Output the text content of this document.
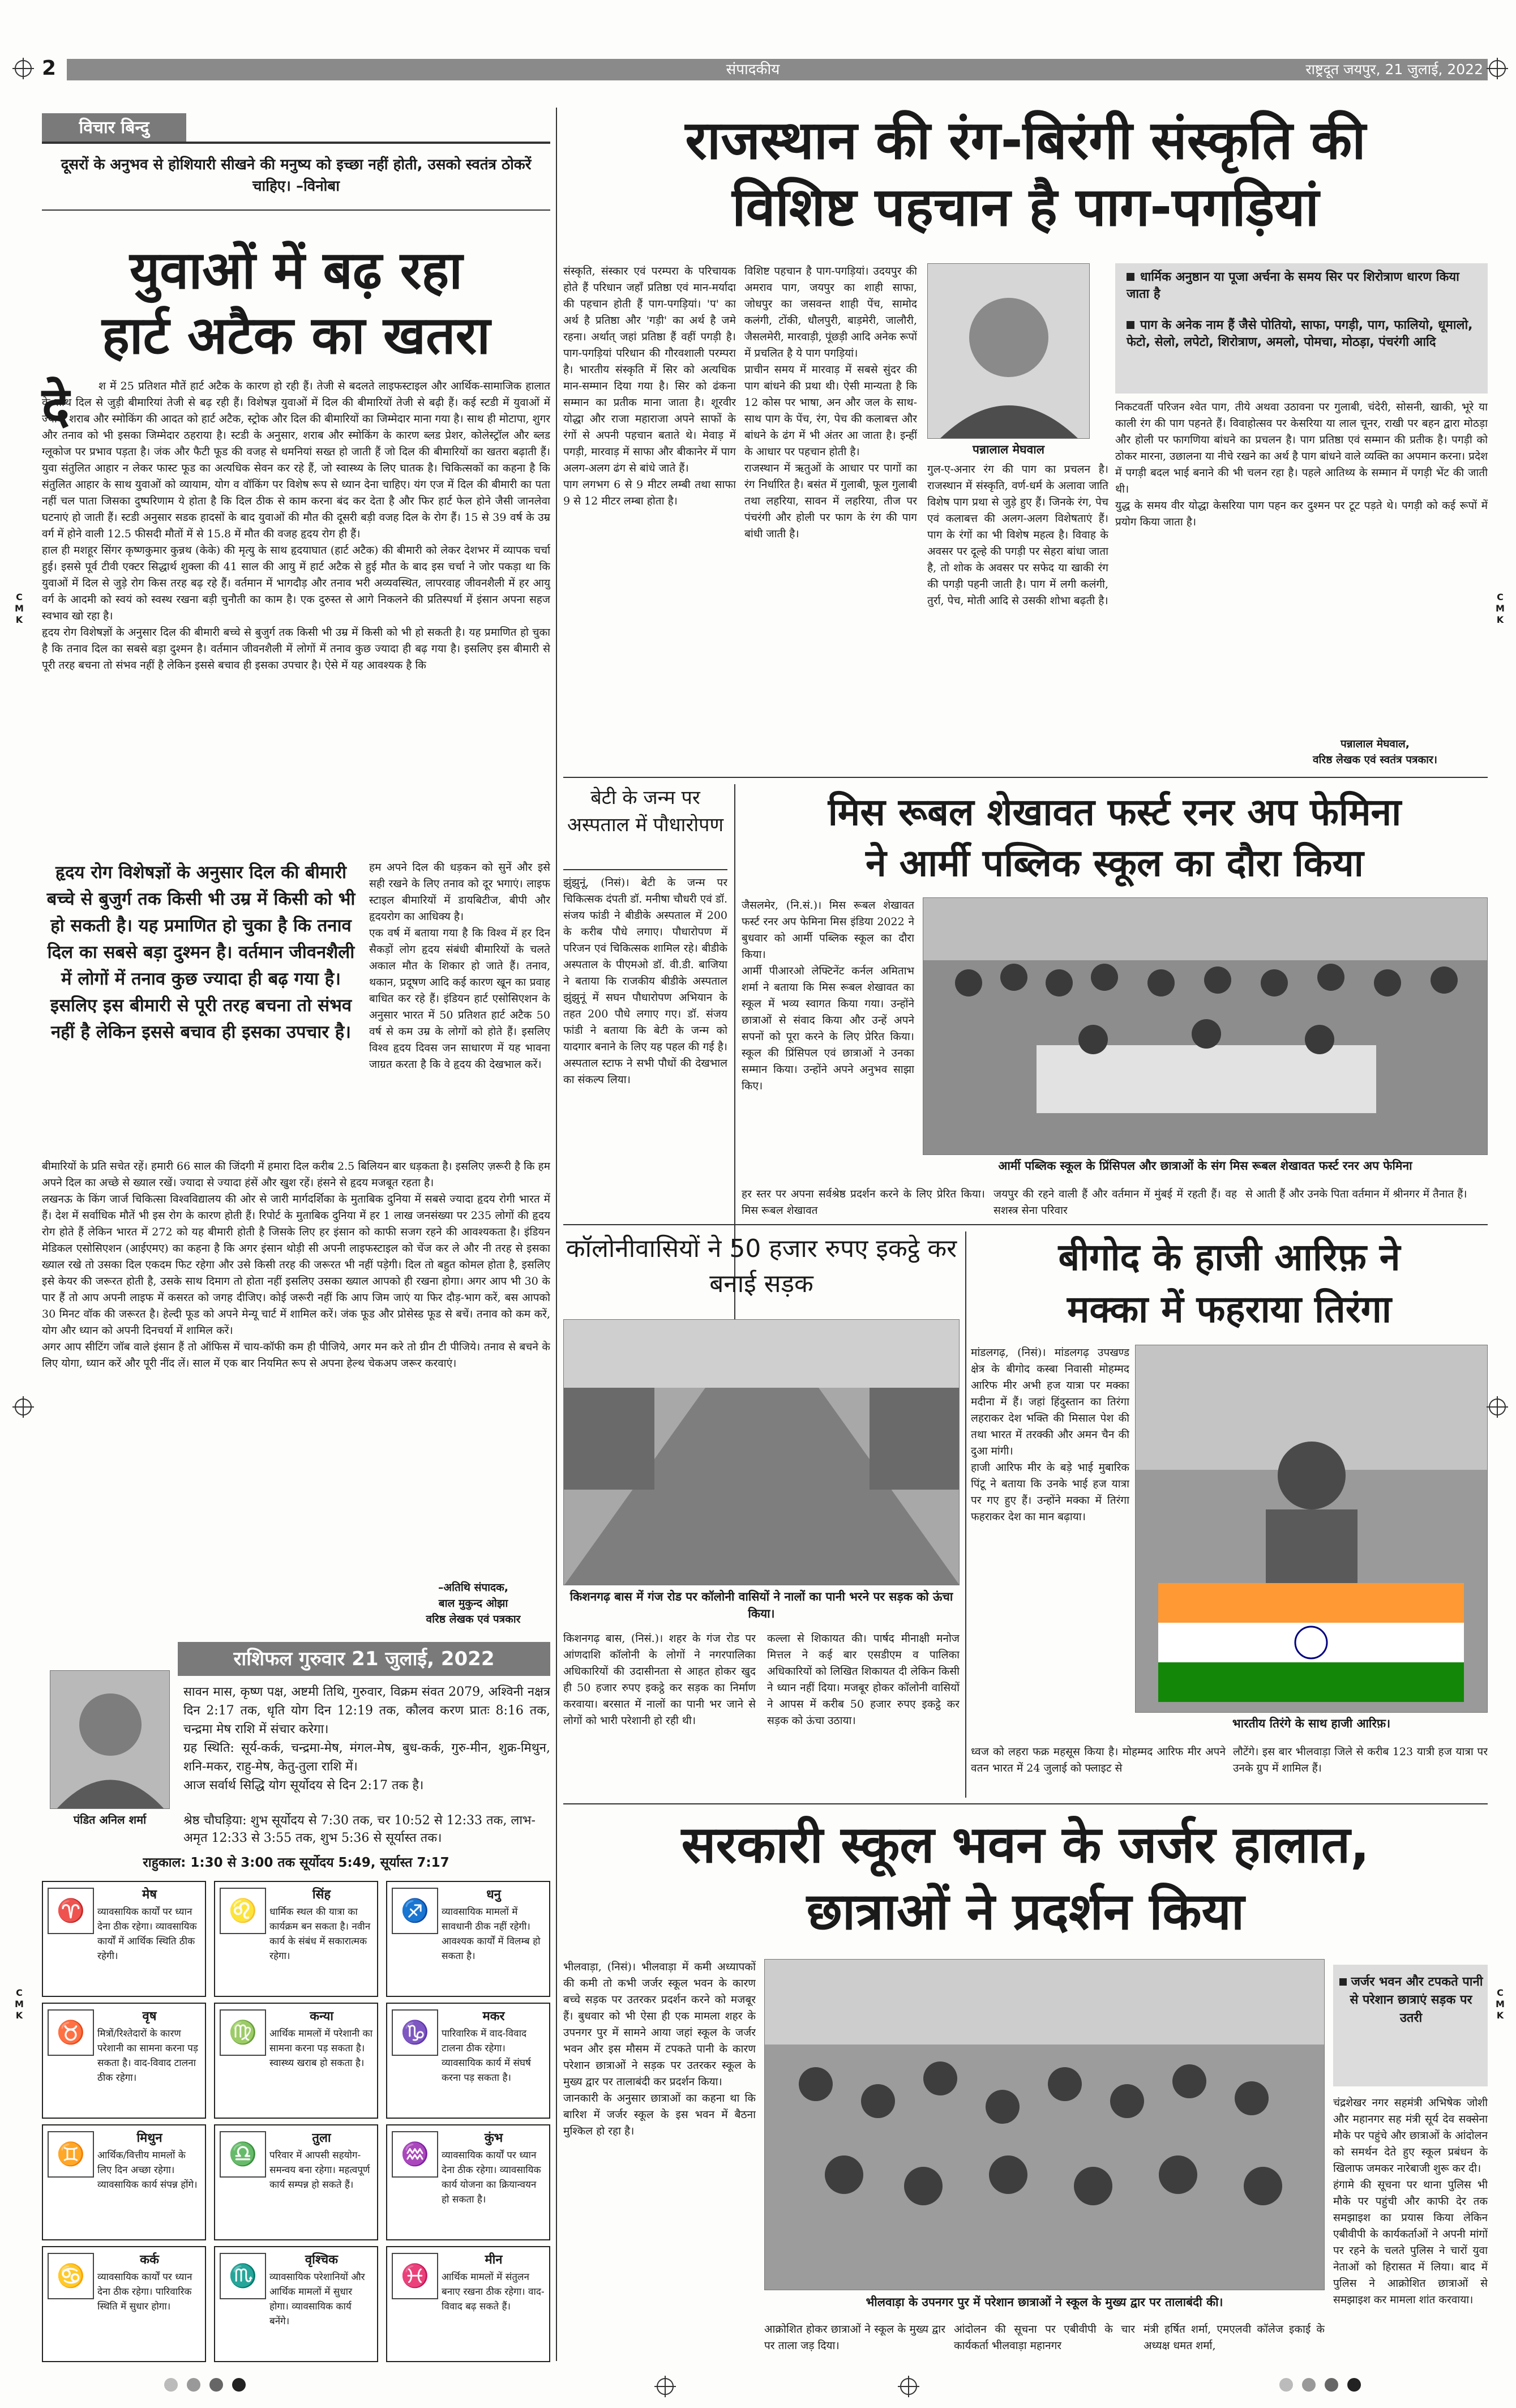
2	संपादकीय	राष्ट्रदूत जयपुर, 21 जुलाई, 2022
विचार बिन्दु
दूसरों के अनुभव से होशियारी सीखने की मनुष्य को इच्छा नहीं होती, उसको स्वतंत्र ठोकरें चाहिए। –विनोबा
युवाओं में बढ़ रहा
हार्ट अटैक का खतरा
दे	श में 25 प्रतिशत मौतें हार्ट अटैक के कारण हो रही हैं। तेजी से बदलते लाइफस्टाइल और आर्थिक-सामाजिक हालात के साथ दिल से जुड़ी बीमारियां तेजी से बढ़ रही हैं। विशेषज्ञ युवाओं में दिल की बीमारियों तेजी से बढ़ी हैं। कई स्टडी में युवाओं में ज्यादा शराब और स्मोकिंग की आदत को हार्ट अटैक, स्ट्रोक और दिल की बीमारियों का जिम्मेदार माना गया है। साथ ही मोटापा, शुगर और तनाव को भी इसका जिम्मेदार ठहराया है। स्टडी के अनुसार, शराब और स्मोकिंग के कारण ब्लड प्रेशर, कोलेस्ट्रॉल और ब्लड ग्लूकोज पर प्रभाव पड़ता है। जंक और फैटी फूड की वजह से धमनियां सख्त हो जाती हैं जो दिल की बीमारियों का खतरा बढ़ाती हैं। युवा संतुलित आहार न लेकर फास्ट फूड का अत्यधिक सेवन कर रहे हैं, जो स्वास्थ्य के लिए घातक है। चिकित्सकों का कहना है कि संतुलित आहार के साथ युवाओं को व्यायाम, योग व वॉकिंग पर विशेष रूप से ध्यान देना चाहिए। यंग एज में दिल की बीमारी का पता नहीं चल पाता जिसका दुष्परिणाम ये होता है कि दिल ठीक से काम करना बंद कर देता है और फिर हार्ट फेल होने जैसी जानलेवा घटनाएं हो जाती हैं। स्टडी अनुसार सडक हादसों के बाद युवाओं की मौत की दूसरी बड़ी वजह दिल के रोग हैं। 15 से 39 वर्ष के उम्र वर्ग में होने वाली 12.5 फीसदी मौतों में से 15.8 में मौत की वजह हृदय रोग ही हैं।
हाल ही मशहूर सिंगर कृष्णकुमार कुन्नथ (केके) की मृत्यु के साथ हृदयाघात (हार्ट अटैक) की बीमारी को लेकर देशभर में व्यापक चर्चा हुई। इससे पूर्व टीवी एक्टर सिद्धार्थ शुक्ला की 41 साल की आयु में हार्ट अटैक से हुई मौत के बाद इस चर्चा ने जोर पकड़ा था कि युवाओं में दिल से जुड़े रोग किस तरह बढ़ रहे हैं। वर्तमान में भागदौड़ और तनाव भरी अव्यवस्थित, लापरवाह जीवनशैली में हर आयु वर्ग के आदमी को स्वयं को स्वस्थ रखना बड़ी चुनौती का काम है। एक दुरुस्त से आगे निकलने की प्रतिस्पर्धा में इंसान अपना सहज स्वभाव खो रहा है।
हृदय रोग विशेषज्ञों के अनुसार दिल की बीमारी बच्चे से बुजुर्ग तक किसी भी उम्र में किसी को भी हो सकती है। यह प्रमाणित हो चुका है कि तनाव दिल का सबसे बड़ा दुश्मन है। वर्तमान जीवनशैली में लोगों में तनाव कुछ ज्यादा ही बढ़ गया है। इसलिए इस बीमारी से पूरी तरह बचना तो संभव नहीं है लेकिन इससे बचाव ही इसका उपचार है। ऐसे में यह आवश्यक है कि
हृदय रोग विशेषज्ञों के अनुसार दिल की बीमारी बच्चे से बुजुर्ग तक किसी भी उम्र में किसी को भी हो सकती है। यह प्रमाणित हो चुका है कि तनाव दिल का सबसे बड़ा दुश्मन है। वर्तमान जीवनशैली में लोगों में तनाव कुछ ज्यादा ही बढ़ गया है। इसलिए इस बीमारी से पूरी तरह बचना तो संभव नहीं है लेकिन इससे बचाव ही इसका उपचार है।
हम अपने दिल की धड़कन को सुनें और इसे सही रखने के लिए तनाव को दूर भगाएं। लाइफ स्टाइल बीमारियों में डायबिटीज, बीपी और हृदयरोग का आधिक्य है।
एक वर्ष में बताया गया है कि विश्व में हर दिन सैकड़ों लोग हृदय संबंधी बीमारियों के चलते अकाल मौत के शिकार हो जाते हैं। तनाव, थकान, प्रदूषण आदि कई कारण खून का प्रवाह बाधित कर रहे हैं। इंडियन हार्ट एसोसिएशन के अनुसार भारत में 50 प्रतिशत हार्ट अटैक 50 वर्ष से कम उम्र के लोगों को होते हैं। इसलिए विश्व हृदय दिवस जन साधारण में यह भावना जाग्रत करता है कि वे हृदय की देखभाल करें।
बीमारियों के प्रति सचेत रहें। हमारी 66 साल की जिंदगी में हमारा दिल करीब 2.5 बिलियन बार धड़कता है। इसलिए ज़रूरी है कि हम अपने दिल का अच्छे से ख्याल रखें। ज्यादा से ज्यादा हंसें और खुश रहें। हंसने से हृदय मजबूत रहता है।
लखनऊ के किंग जार्ज चिकित्सा विश्वविद्यालय की ओर से जारी मार्गदर्शिका के मुताबिक दुनिया में सबसे ज्यादा हृदय रोगी भारत में हैं। देश में सर्वाधिक मौतें भी इस रोग के कारण होती हैं। रिपोर्ट के मुताबिक दुनिया में हर 1 लाख जनसंख्या पर 235 लोगों की हृदय रोग होते हैं लेकिन भारत में 272 को यह बीमारी होती है जिसके लिए हर इंसान को काफी सजग रहने की आवश्यकता है। इंडियन मेडिकल एसोसिएशन (आईएमए) का कहना है कि अगर इंसान थोड़ी सी अपनी लाइफस्टाइल को चेंज कर ले और नी तरह से इसका ख्याल रखे तो उसका दिल एकदम फिट रहेगा और उसे किसी तरह की जरूरत भी नहीं पड़ेगी। दिल तो बहुत कोमल होता है, इसलिए इसे केयर की जरूरत होती है, उसके साथ दिमाग तो होता नहीं इसलिए उसका ख्याल आपको ही रखना होगा। अगर आप भी 30 के पार हैं तो आप अपनी लाइफ में कसरत को जगह दीजिए। कोई जरूरी नहीं कि आप जिम जाएं या फिर दौड़-भाग करें, बस आपको 30 मिनट वॉक की जरूरत है। हेल्दी फूड को अपने मेन्यू चार्ट में शामिल करें। जंक फूड और प्रोसेस्ड फूड से बचें। तनाव को कम करें, योग और ध्यान को अपनी दिनचर्या में शामिल करें।
अगर आप सीटिंग जॉब वाले इंसान हैं तो ऑफिस में चाय-कॉफी कम ही पीजिये, अगर मन करे तो ग्रीन टी पीजिये। तनाव से बचने के लिए योगा, ध्यान करें और पूरी नींद लें। साल में एक बार नियमित रूप से अपना हेल्थ चेकअप जरूर करवाएं।
–अतिथि संपादक,
बाल मुकुन्द ओझा
वरिष्ठ लेखक एवं पत्रकार
राशिफल गुरुवार 21 जुलाई, 2022
पंडित अनिल शर्मा
सावन मास, कृष्ण पक्ष, अष्टमी तिथि, गुरुवार, विक्रम संवत 2079, अश्विनी नक्षत्र दिन 2:17 तक, धृति योग दिन 12:19 तक, कौलव करण प्रातः 8:16 तक, चन्द्रमा मेष राशि में संचार करेगा।
ग्रह स्थिति: सूर्य-कर्क, चन्द्रमा-मेष, मंगल-मेष, बुध-कर्क, गुरु-मीन, शुक्र-मिथुन, शनि-मकर, राहु-मेष, केतु-तुला राशि में।
आज सर्वार्थ सिद्धि योग सूर्योदय से दिन 2:17 तक है।
श्रेष्ठ चौघड़िया: शुभ सूर्योदय से 7:30 तक, चर 10:52 से 12:33 तक, लाभ-अमृत 12:33 से 3:55 तक, शुभ 5:36 से सूर्यास्त तक।
राहुकाल: 1:30 से 3:00 तक सूर्योदय 5:49, सूर्यास्त 7:17
♈
मेष
व्यावसायिक कार्यों पर ध्यान देना ठीक रहेगा। व्यावसायिक कार्यों में आर्थिक स्थिति ठीक रहेगी।
♌
सिंह
धार्मिक स्थल की यात्रा का कार्यक्रम बन सकता है। नवीन कार्य के संबंध में सकारात्मक रहेगा।
♐
धनु
व्यावसायिक मामलों में सावधानी ठीक नहीं रहेगी। आवश्यक कार्यों में विलम्ब हो सकता है।
♉
वृष
मित्रों/रिश्तेदारों के कारण परेशानी का सामना करना पड़ सकता है। वाद-विवाद टालना ठीक रहेगा।
♍
कन्या
आर्थिक मामलों में परेशानी का सामना करना पड़ सकता है। स्वास्थ्य खराब हो सकता है।
♑
मकर
पारिवारिक में वाद-विवाद टालना ठीक रहेगा। व्यावसायिक कार्य में संघर्ष करना पड़ सकता है।
♊
मिथुन
आर्थिक/वित्तीय मामलों के लिए दिन अच्छा रहेगा। व्यावसायिक कार्य संपन्न होंगे।
♎
तुला
परिवार में आपसी सहयोग-समन्वय बना रहेगा। महत्वपूर्ण कार्य सम्पन्न हो सकते हैं।
♒
कुंभ
व्यावसायिक कार्यों पर ध्यान देना ठीक रहेगा। व्यावसायिक कार्य योजना का क्रियान्वयन हो सकता है।
♋
कर्क
व्यावसायिक कार्यों पर ध्यान देना ठीक रहेगा। पारिवारिक स्थिति में सुधार होगा।
♏
वृश्चिक
व्यावसायिक परेशानियों और आर्थिक मामलों में सुधार होगा। व्यावसायिक कार्य बनेंगे।
♓
मीन
आर्थिक मामलों में संतुलन बनाए रखना ठीक रहेगा। वाद-विवाद बढ़ सकते हैं।
राजस्थान की रंग-बिरंगी संस्कृति की
विशिष्ट पहचान है पाग-पगड़ियां
संस्कृति, संस्कार एवं परम्परा के परिचायक होते हैं परिधान जहाँ प्रतिष्ठा एवं मान-मर्यादा की पहचान होती हैं पाग-पगड़ियां। 'प' का अर्थ है प्रतिष्ठा और 'गड़ी' का अर्थ है जमे रहना। अर्थात् जहां प्रतिष्ठा हैं वहीं पगड़ी है। पाग-पगड़ियां परिधान की गौरवशाली परम्परा है। भारतीय संस्कृति में सिर को अत्यधिक मान-सम्मान दिया गया है। सिर को ढंकना सम्मान का प्रतीक माना जाता है। शूरवीर योद्धा और राजा महाराजा अपने साफों के रंगों से अपनी पहचान बताते थे। मेवाड़ में पगड़ी, मारवाड़ में साफा और बीकानेर में पाग अलग-अलग ढंग से बांधे जाते हैं।
पाग लगभग 6 से 9 मीटर लम्बी तथा साफा 9 से 12 मीटर लम्बा होता है।
विशिष्ट पहचान है पाग-पगड़ियां। उदयपुर की अमराव पाग, जयपुर का शाही साफा, जोधपुर का जसवन्त शाही पेंच, सामोद कलंगी, टोंकी, धौलपुरी, बाड़मेरी, जालौरी, जैसलमेरी, मारवाड़ी, पूंछड़ी आदि अनेक रूपों में प्रचलित है ये पाग पगड़ियां।
प्राचीन समय में मारवाड़ में सबसे सुंदर की पाग बांधने की प्रथा थी। ऐसी मान्यता है कि 12 कोस पर भाषा, अन और जल के साथ-साथ पाग के पेंच, रंग, पेच की कलाबत्त और बांधने के ढंग में भी अंतर आ जाता है। इन्हीं के आधार पर पहचान होती है।
राजस्थान में ऋतुओं के आधार पर पागों का रंग निर्धारित है। बसंत में गुलाबी, फूल गुलाबी तथा लहरिया, सावन में लहरिया, तीज पर पंचरंगी और होली पर फाग के रंग की पाग बांधी जाती है।
पन्नालाल मेघवाल
गुल-ए-अनार रंग की पाग का प्रचलन है। राजस्थान में संस्कृति, वर्ण-धर्म के अलावा जाति विशेष पाग प्रथा से जुड़े हुए हैं। जिनके रंग, पेच एवं कलाबत्त की अलग-अलग विशेषताएं हैं। पाग के रंगों का भी विशेष महत्व है। विवाह के अवसर पर दूल्हे की पगड़ी पर सेहरा बांधा जाता है, तो शोक के अवसर पर सफेद या खाकी रंग की पगड़ी पहनी जाती है। पाग में लगी कलंगी, तुर्रा, पेच, मोती आदि से उसकी शोभा बढ़ती है।
धार्मिक अनुष्ठान या पूजा अर्चना के समय सिर पर शिरोत्राण धारण किया जाता है
पाग के अनेक नाम हैं जैसे पोतियो, साफा, पगड़ी, पाग, फालियो, धूमालो, फेटो, सेलो, लपेटो, शिरोत्राण, अमलो, पोमचा, मोठड़ा, पंचरंगी आदि
निकटवर्ती परिजन श्वेत पाग, तीये अथवा उठावना पर गुलाबी, चंदेरी, सोसनी, खाकी, भूरे या काली रंग की पाग पहनते हैं। विवाहोत्सव पर केसरिया या लाल चूनर, राखी पर बहन द्वारा मोठड़ा और होली पर फागणिया बांधने का प्रचलन है। पाग प्रतिष्ठा एवं सम्मान की प्रतीक है। पगड़ी को ठोकर मारना, उछालना या नीचे रखने का अर्थ है पाग बांधने वाले व्यक्ति का अपमान करना। प्रदेश में पगड़ी बदल भाई बनाने की भी चलन रहा है। पहले आतिथ्य के सम्मान में पगड़ी भेंट की जाती थी।
युद्ध के समय वीर योद्धा केसरिया पाग पहन कर दुश्मन पर टूट पड़ते थे। पगड़ी को कई रूपों में प्रयोग किया जाता है।
पन्नालाल मेघवाल,
वरिष्ठ लेखक एवं स्वतंत्र पत्रकार।
बेटी के जन्म पर अस्पताल में पौधारोपण
झुंझुनूं, (निसं)। बेटी के जन्म पर चिकित्सक दंपती डॉ. मनीषा चौधरी एवं डॉ. संजय फांडी ने बीडीके अस्पताल में 200 के करीब पौधे लगाए। पौधारोपण में परिजन एवं चिकित्सक शामिल रहे। बीडीके अस्पताल के पीएमओ डॉ. वी.डी. बाजिया ने बताया कि राजकीय बीडीके अस्पताल झुंझुनूं में सघन पौधारोपण अभियान के तहत 200 पौधे लगाए गए। डॉ. संजय फांडी ने बताया कि बेटी के जन्म को यादगार बनाने के लिए यह पहल की गई है। अस्पताल स्टाफ ने सभी पौधों की देखभाल का संकल्प लिया।
मिस रूबल शेखावत फर्स्ट रनर अप फेमिना
ने आर्मी पब्लिक स्कूल का दौरा किया
जैसलमेर, (नि.सं.)। मिस रूबल शेखावत फर्स्ट रनर अप फेमिना मिस इंडिया 2022 ने बुधवार को आर्मी पब्लिक स्कूल का दौरा किया।
आर्मी पीआरओ लेफ्टिनेंट कर्नल अमिताभ शर्मा ने बताया कि मिस रूबल शेखावत का स्कूल में भव्य स्वागत किया गया। उन्होंने छात्राओं से संवाद किया और उन्हें अपने सपनों को पूरा करने के लिए प्रेरित किया। स्कूल की प्रिंसिपल एवं छात्राओं ने उनका सम्मान किया। उन्होंने अपने अनुभव साझा किए।
आर्मी पब्लिक स्कूल के प्रिंसिपल और छात्राओं के संग मिस रूबल शेखावत फर्स्ट रनर अप फेमिना
हर स्तर पर अपना सर्वश्रेष्ठ प्रदर्शन करने के लिए प्रेरित किया। मिस रूबल शेखावत
जयपुर की रहने वाली हैं और वर्तमान में मुंबई में रहती हैं। वह सशस्त्र सेना परिवार
से आती हैं और उनके पिता वर्तमान में श्रीनगर में तैनात हैं।
कॉलोनीवासियों ने 50 हजार रुपए इकट्ठे कर बनाई सड़क
किशनगढ़ बास में गंज रोड पर कॉलोनी वासियों ने नालों का पानी भरने पर सड़क को ऊंचा किया।
किशनगढ़ बास, (निसं.)। शहर के गंज रोड पर आंणदाशि कॉलोनी के लोगों ने नगरपालिका अधिकारियों की उदासीनता से आहत होकर खुद ही 50 हजार रुपए इकट्ठे कर सड़क का निर्माण करवाया। बरसात में नालों का पानी भर जाने से लोगों को भारी परेशानी हो रही थी।
कल्ला से शिकायत की। पार्षद मीनाक्षी मनोज मित्तल ने कई बार एसडीएम व पालिका अधिकारियों को लिखित शिकायत दी लेकिन किसी ने ध्यान नहीं दिया। मजबूर होकर कॉलोनी वासियों ने आपस में करीब 50 हजार रुपए इकट्ठे कर सड़क को ऊंचा उठाया।
बीगोद के हाजी आरिफ़ ने
मक्का में फहराया तिरंगा
मांडलगढ़, (निसं)। मांडलगढ़ उपखण्ड क्षेत्र के बीगोद कस्बा निवासी मोहम्मद आरिफ मीर अभी हज यात्रा पर मक्का मदीना में हैं। जहां हिंदुस्तान का तिरंगा लहराकर देश भक्ति की मिसाल पेश की तथा भारत में तरक्की और अमन चैन की दुआ मांगी।
हाजी आरिफ मीर के बड़े भाई मुबारिक पिंटू ने बताया कि उनके भाई हज यात्रा पर गए हुए हैं। उन्होंने मक्का में तिरंगा फहराकर देश का मान बढ़ाया।
भारतीय तिरंगे के साथ हाजी आरिफ़।
ध्वज को लहरा फक्र महसूस किया है। मोहम्मद आरिफ मीर अपने वतन भारत में 24 जुलाई को फ्लाइट से
लौटेंगे। इस बार भीलवाड़ा जिले से करीब 123 यात्री हज यात्रा पर उनके ग्रुप में शामिल हैं।
सरकारी स्कूल भवन के जर्जर हालात,
छात्राओं ने प्रदर्शन किया
भीलवाड़ा, (निसं)। भीलवाड़ा में कमी अध्यापकों की कमी तो कभी जर्जर स्कूल भवन के कारण बच्चे सड़क पर उतरकर प्रदर्शन करने को मजबूर हैं। बुधवार को भी ऐसा ही एक मामला शहर के उपनगर पुर में सामने आया जहां स्कूल के जर्जर भवन और इस मौसम में टपकते पानी के कारण परेशान छात्राओं ने सड़क पर उतरकर स्कूल के मुख्य द्वार पर तालाबंदी कर प्रदर्शन किया।
जानकारी के अनुसार छात्राओं का कहना था कि बारिश में जर्जर स्कूल के इस भवन में बैठना मुश्किल हो रहा है।
भीलवाड़ा के उपनगर पुर में परेशान छात्राओं ने स्कूल के मुख्य द्वार पर तालाबंदी की।
आक्रोशित होकर छात्राओं ने स्कूल के मुख्य द्वार पर ताला जड़ दिया।
आंदोलन की सूचना पर एबीवीपी के चार कार्यकर्ता भीलवाड़ा महानगर
मंत्री हर्षित शर्मा, एमएलवी कॉलेज इकाई के अध्यक्ष धमत शर्मा,
जर्जर भवन और टपकते पानी से परेशान छात्राएं सड़क पर उतरी
चंद्रशेखर नगर सहमंत्री अभिषेक जोशी और महानगर सह मंत्री सूर्य देव सक्सेना मौके पर पहुंचे और छात्राओं के आंदोलन को समर्थन देते हुए स्कूल प्रबंधन के खिलाफ जमकर नारेबाजी शुरू कर दी।
हंगामे की सूचना पर थाना पुलिस भी मौके पर पहुंची और काफी देर तक समझाइश का प्रयास किया लेकिन एबीवीपी के कार्यकर्ताओं ने अपनी मांगों पर रहने के चलते पुलिस ने चारों युवा नेताओं को हिरासत में लिया। बाद में पुलिस ने आक्रोशित छात्राओं से समझाइश कर मामला शांत करवाया।
C
M
K
C
M
K
C
M
K
C
M
K
